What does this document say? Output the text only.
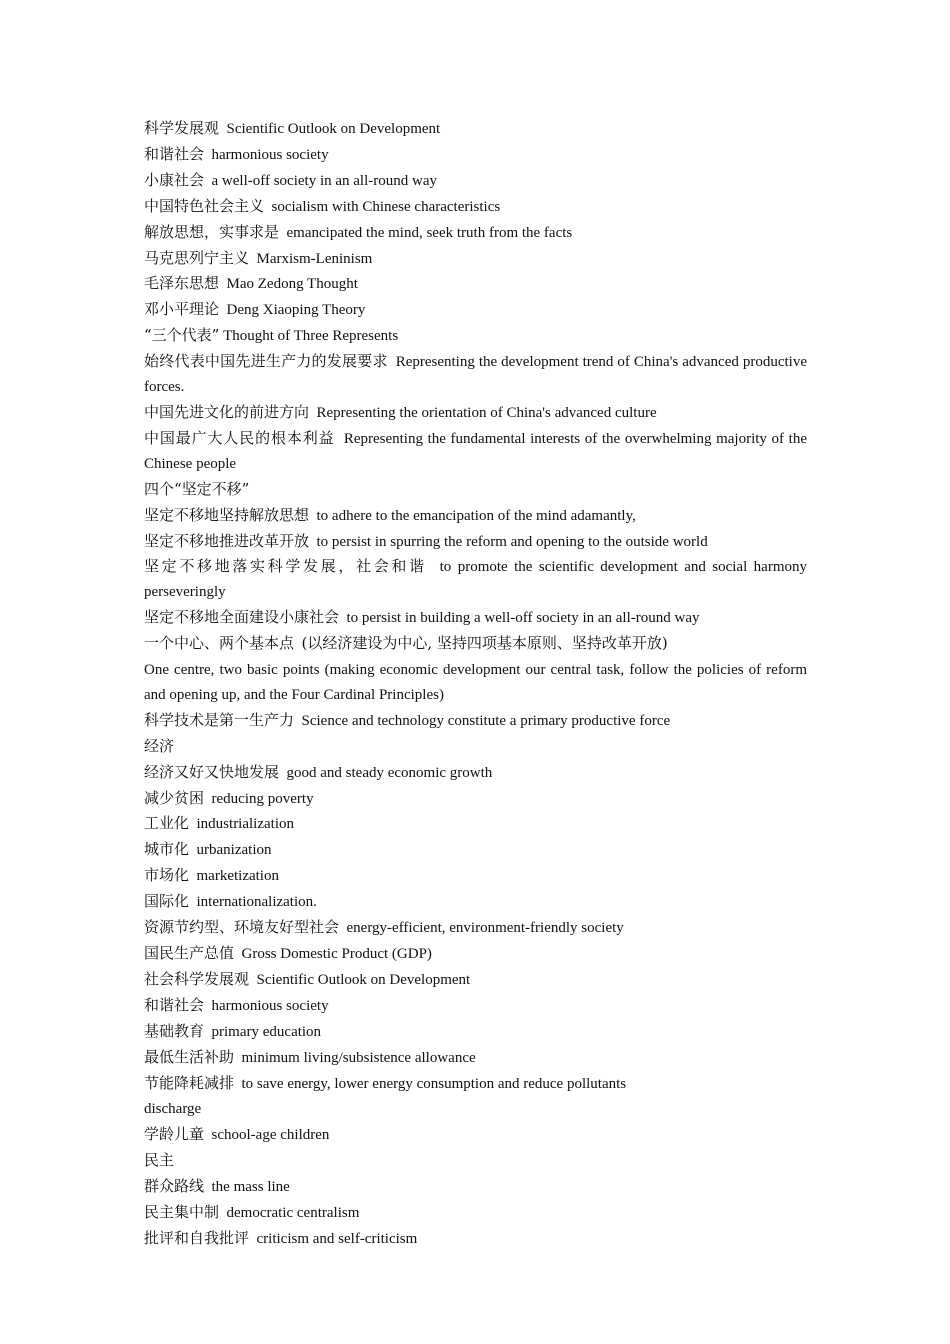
科学发展观 Scientific Outlook on Development

和谐社会 harmonious society

小康社会 a well-off society in an all-round way

中国特色社会主义 socialism with Chinese characteristics

解放思想，实事求是 emancipated the mind, seek truth from the facts

马克思列宁主义 Marxism-Leninism

毛泽东思想 Mao Zedong Thought

邓小平理论 Deng Xiaoping Theory

“三个代表” Thought of Three Represents

始终代表中国先进生产力的发展要求 Representing the development trend of China's advanced productive forces.

中国先进文化的前进方向 Representing the orientation of China's advanced culture

中国最广大人民的根本利益 Representing the fundamental interests of the overwhelming majority of the Chinese people

四个“坚定不移”

坚定不移地坚持解放思想 to adhere to the emancipation of the mind adamantly,

坚定不移地推进改革开放 to persist in spurring the reform and opening to the outside world

坚定不移地落实科学发展，社会和谐 to promote the scientific development and social harmony perseveringly

坚定不移地全面建设小康社会 to persist in building a well-off society in an all-round way

一个中心、两个基本点 (以经济建设为中心, 坚持四项基本原则、坚持改革开放)

One centre, two basic points (making economic development our central task, follow the policies of reform and opening up, and the Four Cardinal Principles)

科学技术是第一生产力 Science and technology constitute a primary productive force

经济

经济又好又快地发展 good and steady economic growth

减少贫困 reducing poverty

工业化 industrialization

城市化 urbanization

市场化 marketization

国际化 internationalization.

资源节约型、环境友好型社会 energy-efficient, environment-friendly society

国民生产总值 Gross Domestic Product (GDP)

社会科学发展观 Scientific Outlook on Development

和谐社会 harmonious society

基础教育 primary education

最低生活补助 minimum living/subsistence allowance

节能降耗减排 to save energy, lower energy consumption and reduce pollutants

discharge

学龄儿童 school-age children

民主

群众路线 the mass line

民主集中制 democratic centralism

批评和自我批评 criticism and self-criticism
